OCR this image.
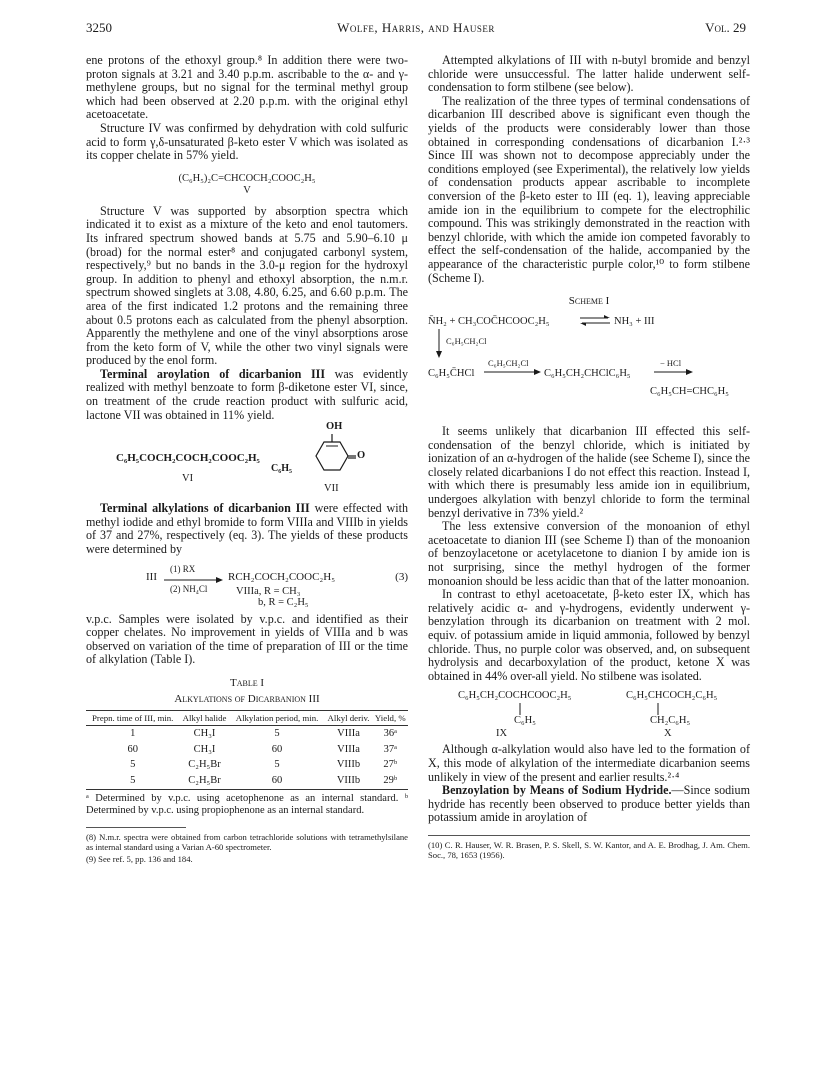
3250	Wolfe, Harris, and Hauser	Vol. 29

ene protons of the ethoxyl group.⁸ In addition there were two-proton signals at 3.21 and 3.40 p.p.m. ascribable to the α- and γ-methylene groups, but no signal for the terminal methyl group which had been observed at 2.20 p.p.m. with the original ethyl acetoacetate.

Structure IV was confirmed by dehydration with cold sulfuric acid to form γ,δ-unsaturated β-keto ester V which was isolated as its copper chelate in 57% yield.

(C₆H₅)₂C=CHCOCH₂COOC₂H₅
V

Structure V was supported by absorption spectra which indicated it to exist as a mixture of the keto and enol tautomers. Its infrared spectrum showed bands at 5.75 and 5.90–6.10 μ (broad) for the normal ester⁸ and conjugated carbonyl system, respectively,⁹ but no bands in the 3.0-μ region for the hydroxyl group. In addition to phenyl and ethoxyl absorption, the n.m.r. spectrum showed singlets at 3.08, 4.80, 6.25, and 6.60 p.p.m. The area of the first indicated 1.2 protons and the remaining three about 0.5 protons each as calculated from the phenyl absorption. Apparently the methylene and one of the vinyl absorptions arose from the keto form of V, while the other two vinyl signals were produced by the enol form.

Terminal aroylation of dicarbanion III was evidently realized with methyl benzoate to form β-diketone ester VI, since, on treatment of the crude reaction product with sulfuric acid, lactone VII was obtained in 11% yield.

C₆H₅COCH₂COCH₂COOC₂H₅
VI
OH
O
C₆H₅
VII

Terminal alkylations of dicarbanion III were effected with methyl iodide and ethyl bromide to form VIIIa and VIIIb in yields of 37 and 27%, respectively (eq. 3). The yields of these products were determined by

III
(1) RX
(2) NH₄Cl
RCH₂COCH₂COOC₂H₅	(3)
VIIIa, R = CH₃
b, R = C₂H₅

v.p.c. Samples were isolated by v.p.c. and identified as their copper chelates. No improvement in yields of VIIIa and b was observed on variation of the time of preparation of III or the time of alkylation (Table I).

Table I
Alkylations of Dicarbanion III
Prepn. time of III, min.	Alkyl halide	Alkylation period, min.	Alkyl deriv.	Yield, %
1	CH₃I	5	VIIIa	36ᵃ
60	CH₃I	60	VIIIa	37ᵃ
5	C₂H₅Br	5	VIIIb	27ᵇ
5	C₂H₅Br	60	VIIIb	29ᵇ
ᵃ Determined by v.p.c. using acetophenone as an internal standard. ᵇ Determined by v.p.c. using propiophenone as an internal standard.

(8) N.m.r. spectra were obtained from carbon tetrachloride solutions with tetramethylsilane as internal standard using a Varian A-60 spectrometer.

(9) See ref. 5, pp. 136 and 184.

Attempted alkylations of III with n-butyl bromide and benzyl chloride were unsuccessful. The latter halide underwent self-condensation to form stilbene (see below).

The realization of the three types of terminal condensations of dicarbanion III described above is significant even though the yields of the products were considerably lower than those obtained in corresponding condensations of dicarbanion I.²·³ Since III was shown not to decompose appreciably under the conditions employed (see Experimental), the relatively low yields of condensation products appear ascribable to incomplete conversion of the β-keto ester to III (eq. 1), leaving appreciable amide ion in the equilibrium to compete for the electrophilic compound. This was strikingly demonstrated in the reaction with benzyl chloride, with which the amide ion competed favorably to effect the self-condensation of the halide, accompanied by the appearance of the characteristic purple color,¹⁰ to form stilbene (Scheme I).

Scheme I
N̄H₂ + CH₃COC̄HCOOC₂H₅	⇌ NH₃ + III
C₆H₅CH₂Cl
C₆H₅C̄HCl
C₆H₅CH₂Cl
C₆H₅CH₂CHClC₆H₅
− HCl
C₆H₅CH=CHC₆H₅

It seems unlikely that dicarbanion III effected this self-condensation of the benzyl chloride, which is initiated by ionization of an α-hydrogen of the halide (see Scheme I), since the closely related dicarbanions I do not effect this reaction. Instead I, with which there is presumably less amide ion in equilibrium, undergoes alkylation with benzyl chloride to form the terminal benzyl derivative in 73% yield.²

The less extensive conversion of the monoanion of ethyl acetoacetate to dianion III (see Scheme I) than of the monoanion of benzoylacetone or acetylacetone to dianion I by amide ion is not surprising, since the methyl hydrogen of the former monoanion should be less acidic than that of the latter monoanion.

In contrast to ethyl acetoacetate, β-keto ester IX, which has relatively acidic α- and γ-hydrogens, evidently underwent γ-benzylation through its dicarbanion on treatment with 2 mol. equiv. of potassium amide in liquid ammonia, followed by benzyl chloride. Thus, no purple color was observed, and, on subsequent hydrolysis and decarboxylation of the product, ketone X was obtained in 44% over-all yield. No stilbene was isolated.

C₆H₅CH₂COCHCOOC₂H₅
C₆H₅
IX
C₆H₅CHCOCH₂C₆H₅
CH₂C₆H₅
X

Although α-alkylation would also have led to the formation of X, this mode of alkylation of the intermediate dicarbanion seems unlikely in view of the present and earlier results.²·⁴

Benzoylation by Means of Sodium Hydride.—Since sodium hydride has recently been observed to produce better yields than potassium amide in aroylation of

(10) C. R. Hauser, W. R. Brasen, P. S. Skell, S. W. Kantor, and A. E. Brodhag, J. Am. Chem. Soc., 78, 1653 (1956).
